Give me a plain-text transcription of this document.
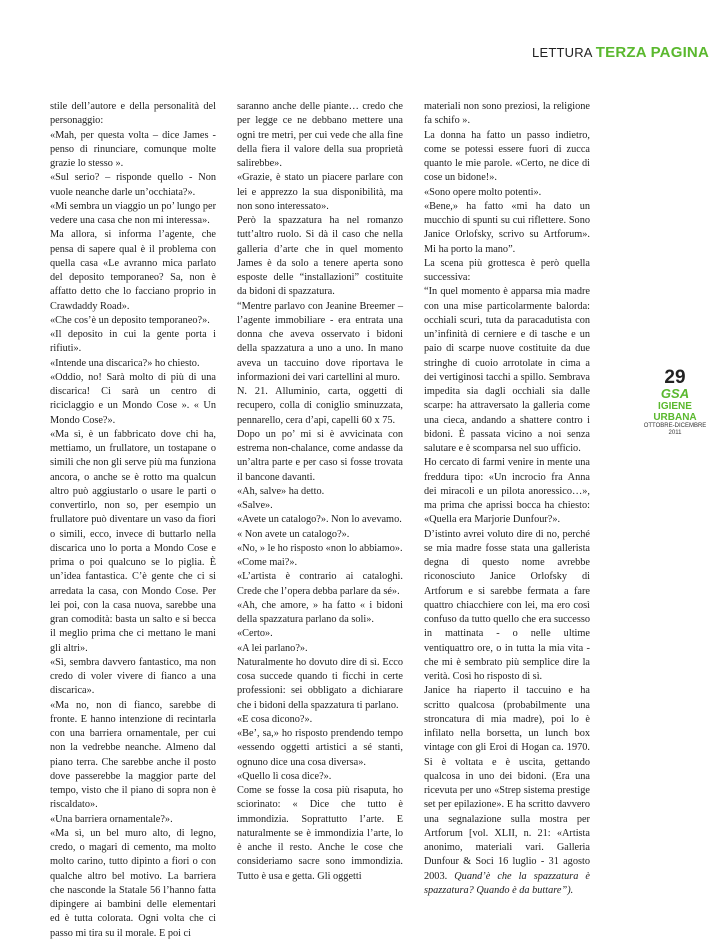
LETTURA TERZA PAGINA
29
GSA
IGIENE URBANA
OTTOBRE-DICEMBRE 2011

stile dell’autore e della personalità del personaggio:

«Mah, per questa volta – dice James - penso di rinunciare, comunque molte grazie lo stesso ».

«Sul serio? – risponde quello - Non vuole neanche darle un’occhiata?».

«Mi sembra un viaggio un po’ lungo per vedere una casa che non mi interessa».

Ma allora, si informa l’agente, che pensa di sapere qual è il problema con quella casa «Le avranno mica parlato del deposito temporaneo? Sa, non è affatto detto che lo facciano proprio in Crawdaddy Road».

«Che cos’è un deposito temporaneo?».

«Il deposito in cui la gente porta i rifiuti».

«Intende una discarica?» ho chiesto.

«Oddio, no! Sarà molto di più di una discarica! Ci sarà un centro di riciclaggio e un Mondo Cose ». « Un Mondo Cose?».

«Ma sì, è un fabbricato dove chi ha, mettiamo, un frullatore, un tostapane o simili che non gli serve più ma funziona ancora, o anche se è rotto ma qualcun altro può aggiustarlo o usare le parti o convertirlo, non so, per esempio un frullatore può diventare un vaso da fiori o simili, ecco, invece di buttarlo nella discarica uno lo porta a Mondo Cose e prima o poi qualcuno se lo piglia. È un’idea fantastica. C’è gente che ci si arredata la casa, con Mondo Cose. Per lei poi, con la casa nuova, sarebbe una gran comodità: basta un salto e si becca il meglio prima che ci mettano le mani gli altri».

«Sì, sembra davvero fantastico, ma non credo di voler vivere di fianco a una discarica».

«Ma no, non di fianco, sarebbe di fronte. E hanno intenzione di recintarla con una barriera ornamentale, per cui non la vedrebbe neanche. Almeno dal piano terra. Che sarebbe anche il posto dove passerebbe la maggior parte del tempo, visto che il piano di sopra non è riscaldato».

«Una barriera ornamentale?».

«Ma sì, un bel muro alto, di legno, credo, o magari di cemento, ma molto molto carino, tutto dipinto a fiori o con qualche altro bel motivo. La barriera che nasconde la Statale 56 l’hanno fatta dipingere ai bambini delle elementari ed è tutta colorata. Ogni volta che ci passo mi tira su il morale. E poi ci

saranno anche delle piante… credo che per legge ce ne debbano mettere una ogni tre metri, per cui vede che alla fine della fiera il valore della sua proprietà salirebbe».

«Grazie, è stato un piacere parlare con lei e apprezzo la sua disponibilità, ma non sono interessato».

Però la spazzatura ha nel romanzo tutt’altro ruolo. Si dà il caso che nella galleria d’arte che in quel momento James è da solo a tenere aperta sono esposte delle “installazioni” costituite da bidoni di spazzatura.

“Mentre parlavo con Jeanine Breemer – l’agente immobiliare - era entrata una donna che aveva osservato i bidoni della spazzatura a uno a uno. In mano aveva un taccuino dove riportava le informazioni dei vari cartellini al muro.

N. 21. Alluminio, carta, oggetti di recupero, colla di coniglio sminuzzata, pennarello, cera d’api, capelli 60 x 75.

Dopo un po’ mi si è avvicinata con estrema non-chalance, come andasse da un’altra parte e per caso si fosse trovata il bancone davanti.

«Ah, salve» ha detto.

«Salve».

«Avete un catalogo?». Non lo avevamo.

« Non avete un catalogo?».

«No, » le ho risposto «non lo abbiamo».

«Come mai?».

«L’artista è contrario ai cataloghi. Crede che l’opera debba parlare da sé».

«Ah, che amore, » ha fatto « i bidoni della spazzatura parlano da soli».

«Certo».

«A lei parlano?».

Naturalmente ho dovuto dire di sì. Ecco cosa succede quando ti ficchi in certe professioni: sei obbligato a dichiarare che i bidoni della spazzatura ti parlano.

«E cosa dicono?».

«Be’, sa,» ho risposto prendendo tempo «essendo oggetti artistici a sé stanti, ognuno dice una cosa diversa».

«Quello lì cosa dice?».

Come se fosse la cosa più risaputa, ho sciorinato: « Dice che tutto è immondizia. Soprattutto l’arte. E naturalmente se è immondizia l’arte, lo è anche il resto. Anche le cose che consideriamo sacre sono immondizia. Tutto è usa e getta. Gli oggetti

materiali non sono preziosi, la religione fa schifo ».

La donna ha fatto un passo indietro, come se potessi essere fuori di zucca quanto le mie parole. «Certo, ne dice di cose un bidone!».

«Sono opere molto potenti».

«Bene,» ha fatto «mi ha dato un mucchio di spunti su cui riflettere. Sono Janice Orlofsky, scrivo su Artforum». Mi ha porto la mano”.

La scena più grottesca è però quella successiva:

“In quel momento è apparsa mia madre con una mise particolarmente balorda: occhiali scuri, tuta da paracadutista con un’infinità di cerniere e di tasche e un paio di scarpe nuove costituite da due stringhe di cuoio arrotolate in cima a dei vertiginosi tacchi a spillo. Sembrava impedita sia dagli occhiali sia dalle scarpe: ha attraversato la galleria come una cieca, andando a shattere contro i bidoni. È passata vicino a noi senza salutare e è scomparsa nel suo ufficio.

Ho cercato di farmi venire in mente una freddura tipo: «Un incrocio fra Anna dei miracoli e un pilota anoressico…», ma prima che aprissi bocca ha chiesto: «Quella era Marjorie Dunfour?».

D’istinto avrei voluto dire di no, perché se mia madre fosse stata una gallerista degna di questo nome avrebbe riconosciuto Janice Orlofsky di Artforum e si sarebbe fermata a fare quattro chiacchiere con lei, ma ero così confuso da tutto quello che era successo in mattinata - o nelle ultime ventiquattro ore, o in tutta la mia vita - che mi è sembrato più semplice dire la verità. Così ho risposto di sì.

Janice ha riaperto il taccuino e ha scritto qualcosa (probabilmente una stroncatura di mia madre), poi lo è infilato nella borsetta, un lunch box vintage con gli Eroi di Hogan ca. 1970. Si è voltata e è uscita, gettando qualcosa in uno dei bidoni. (Era una ricevuta per uno «Strep sistema prestige set per epilazione». E ha scritto davvero una segnalazione sulla mostra per Artforum [vol. XLII, n. 21: «Artista anonimo, materiali vari. Galleria Dunfour & Soci 16 luglio - 31 agosto 2003. Quand’è che la spazzatura è spazzatura? Quando è da buttare”).
